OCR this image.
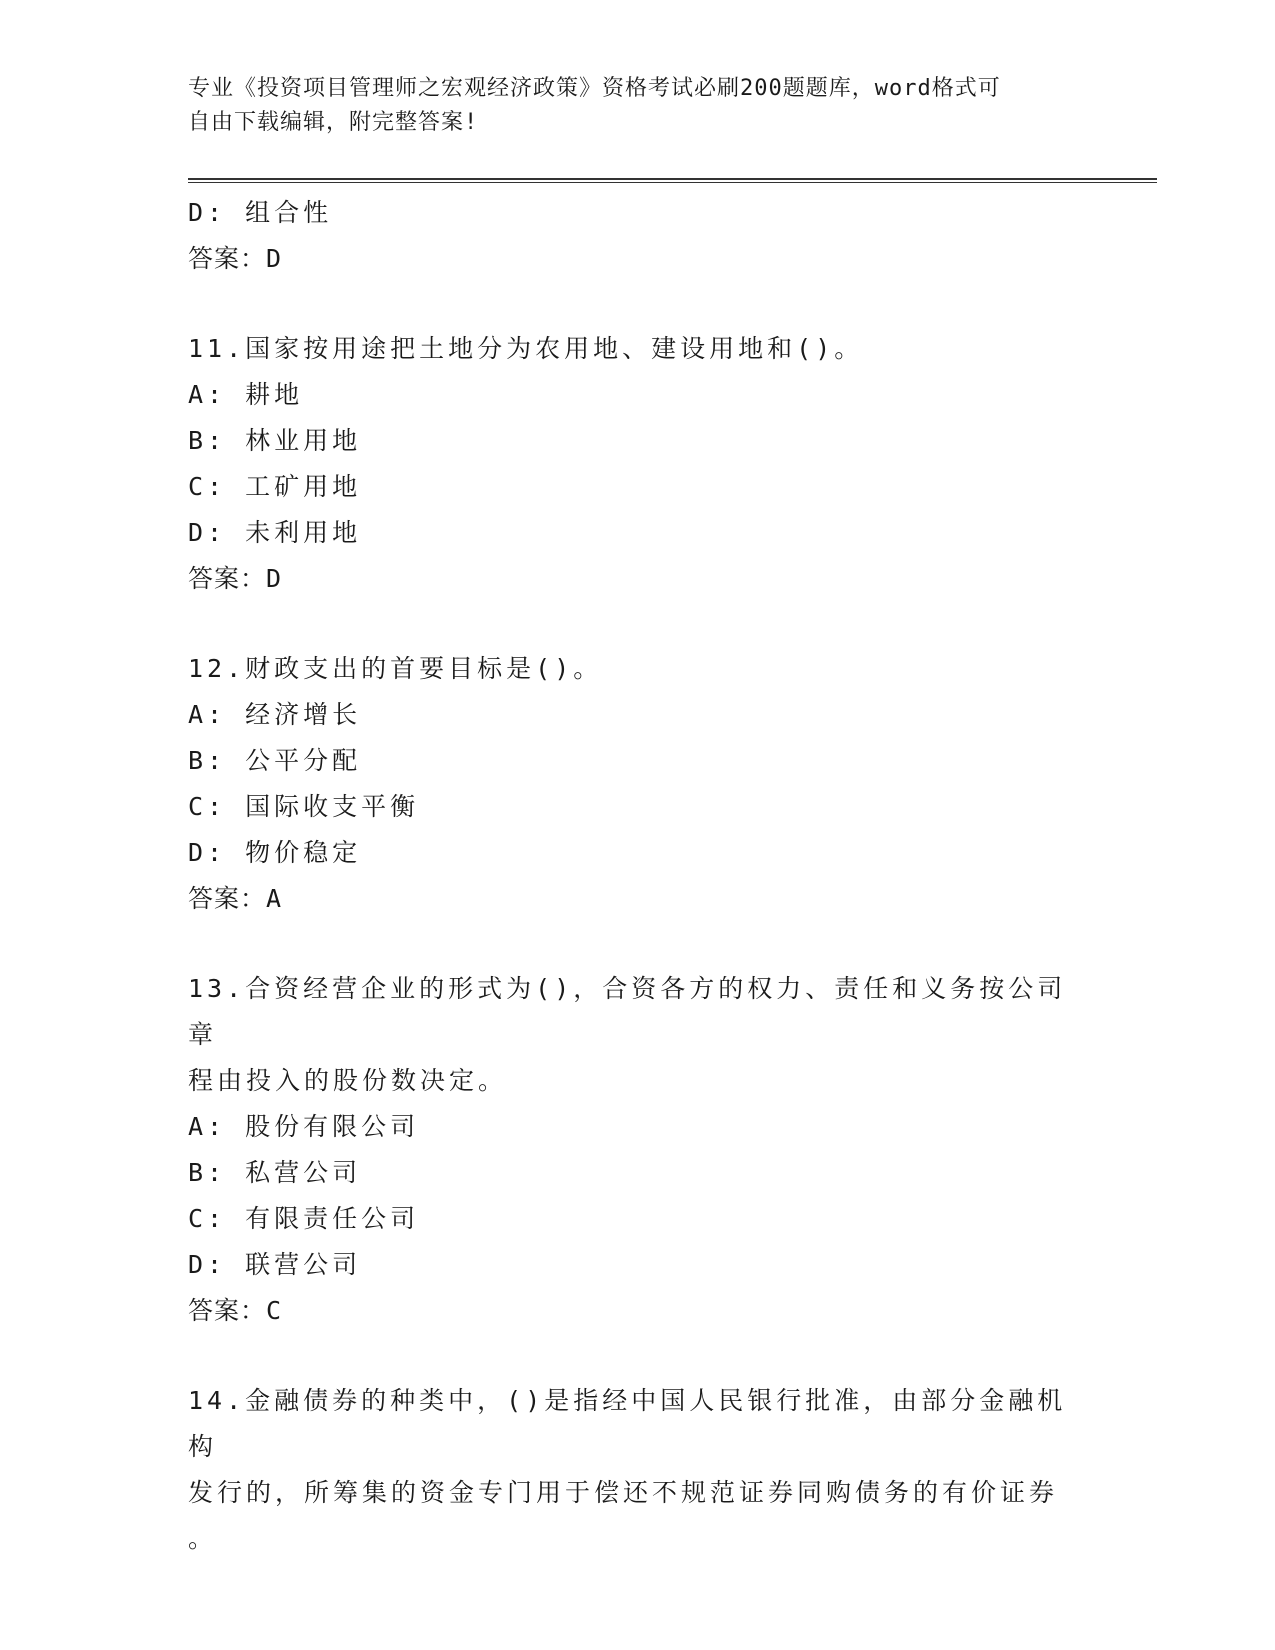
专业《投资项目管理师之宏观经济政策》资格考试必刷200题题库，word格式可

自由下载编辑，附完整答案!

D: 组合性
答案：D
11.国家按用途把土地分为农用地、建设用地和()。
A: 耕地
B: 林业用地
C: 工矿用地
D: 未利用地
答案：D
12.财政支出的首要目标是()。
A: 经济增长
B: 公平分配
C: 国际收支平衡
D: 物价稳定
答案：A
13.合资经营企业的形式为()，合资各方的权力、责任和义务按公司章
程由投入的股份数决定。
A: 股份有限公司
B: 私营公司
C: 有限责任公司
D: 联营公司
答案：C
14.金融债券的种类中，()是指经中国人民银行批准，由部分金融机构
发行的，所筹集的资金专门用于偿还不规范证券同购债务的有价证券
。
